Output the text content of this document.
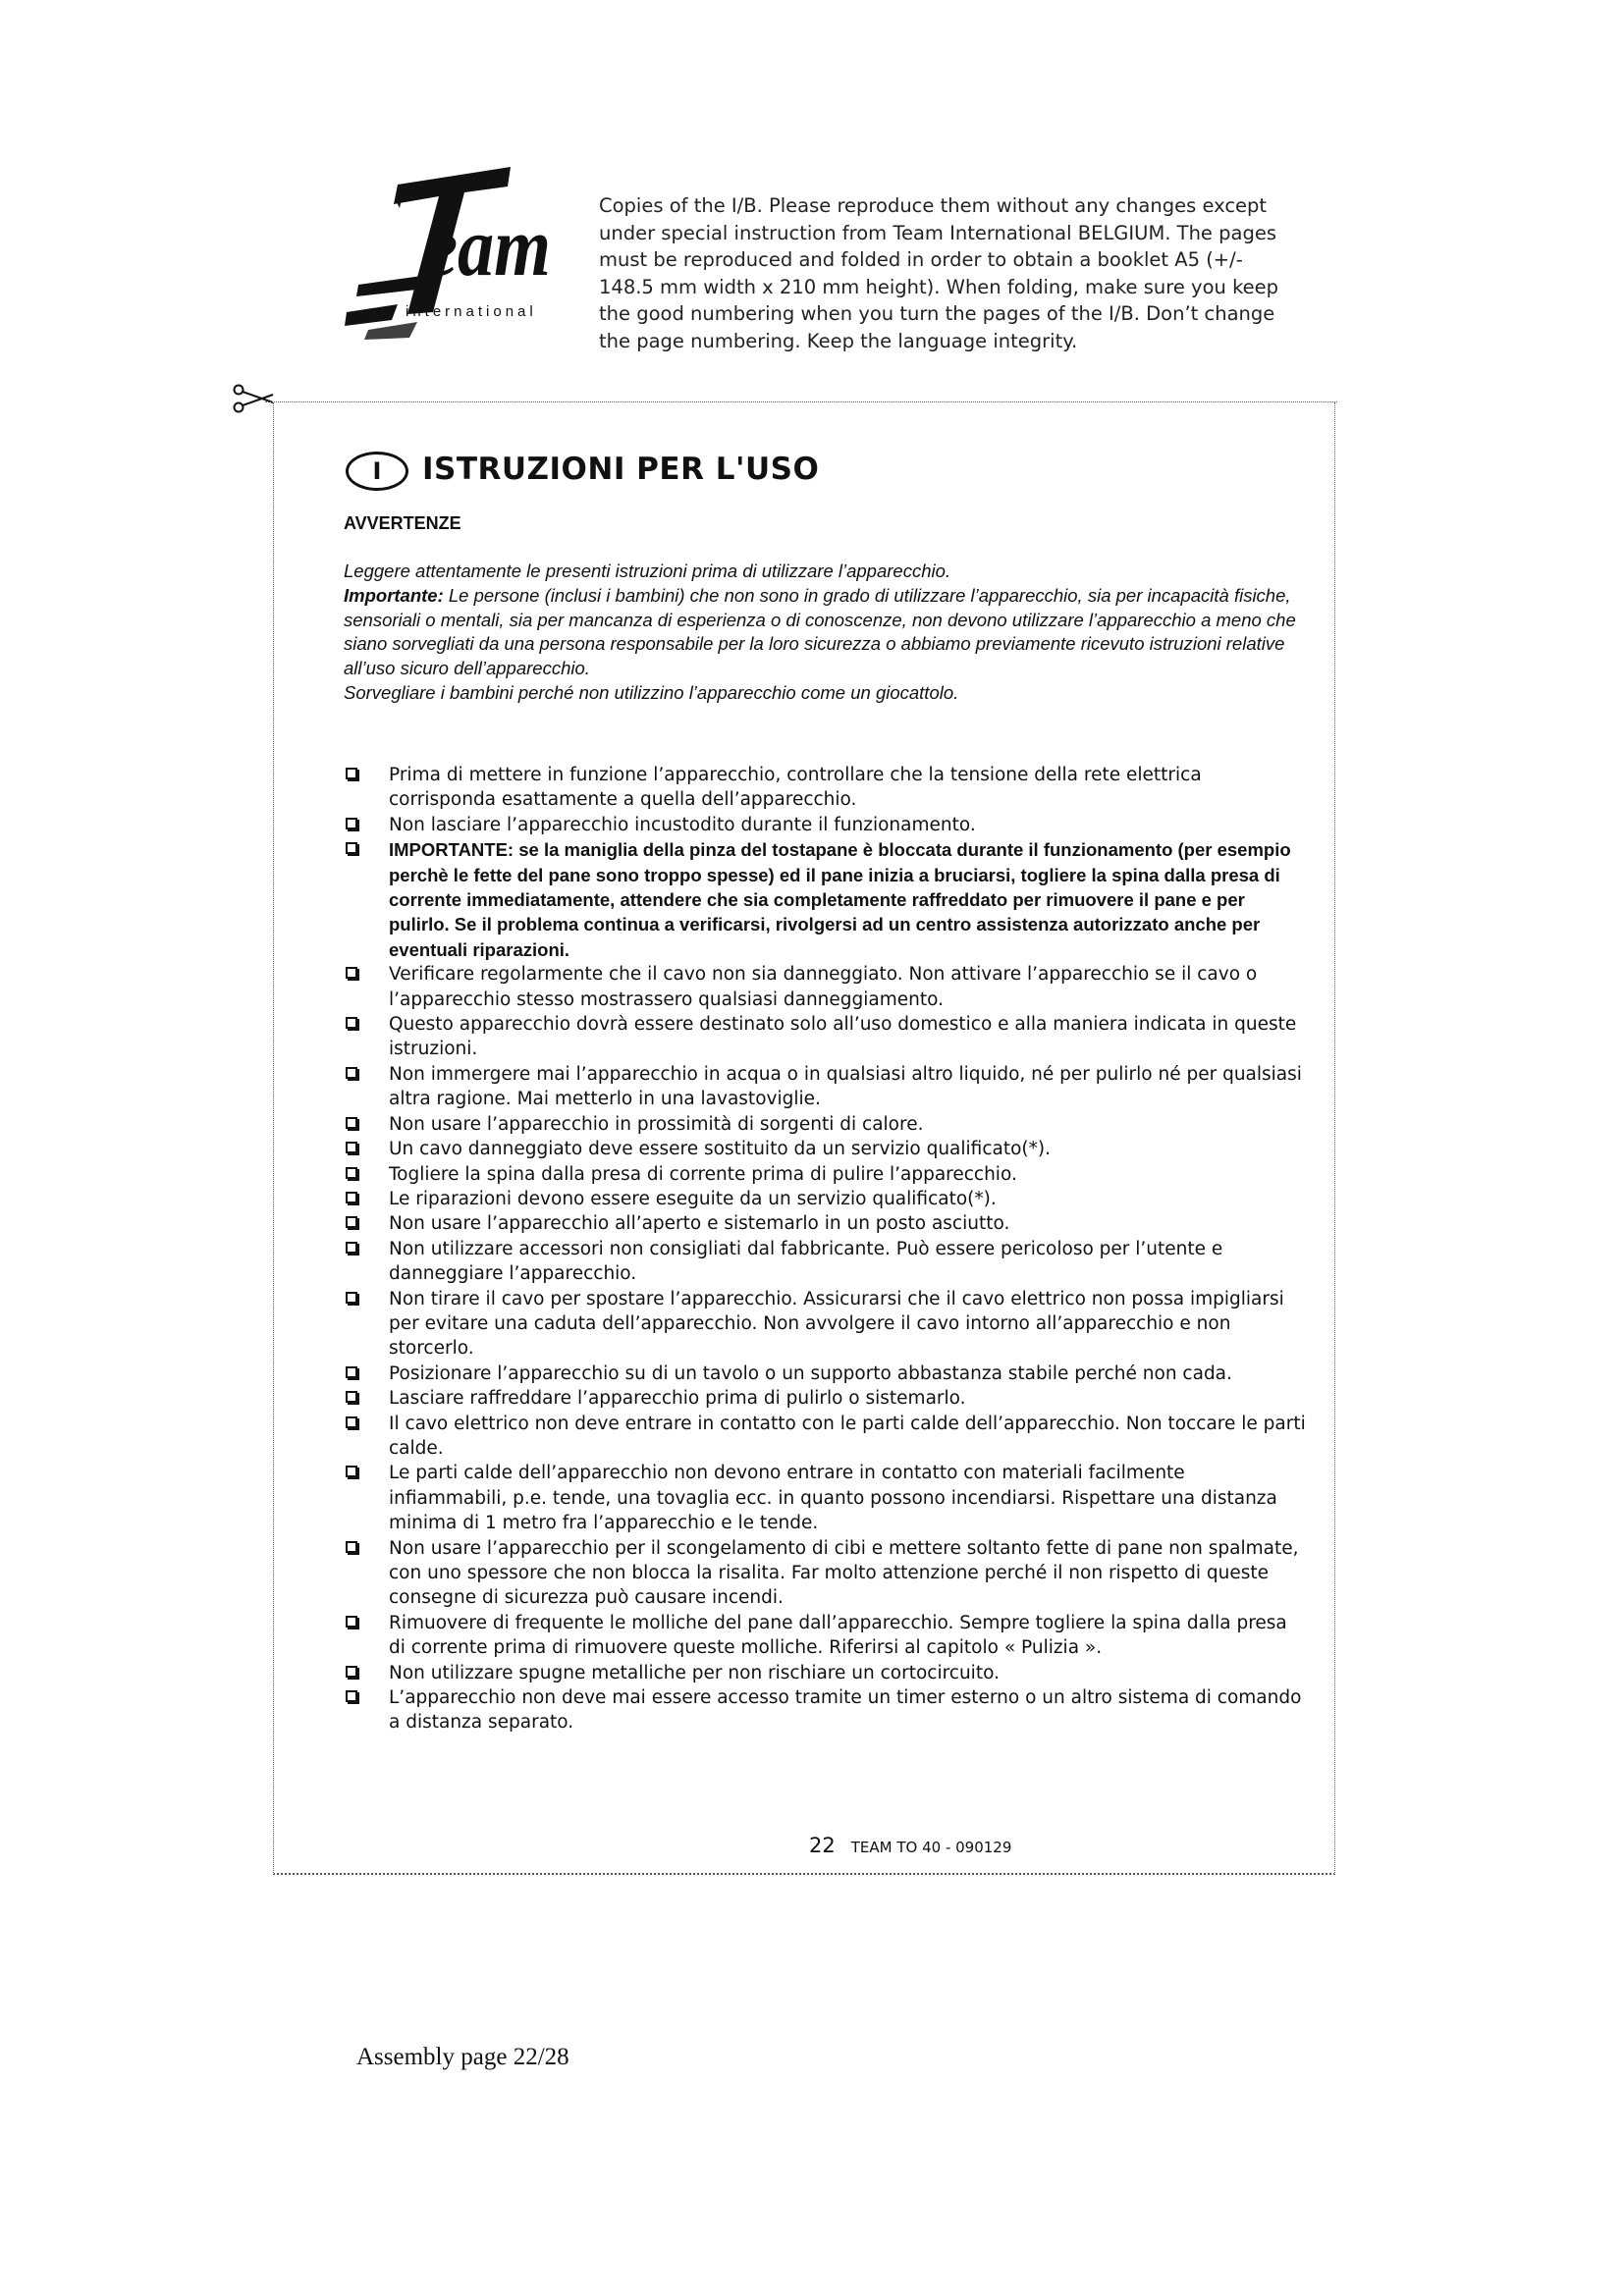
eam
international
Copies of the I/B. Please reproduce them without any changes except under special instruction from Team International BELGIUM. The pages must be reproduced and folded in order to obtain a booklet A5 (+/- 148.5 mm width x 210 mm height). When folding, make sure you keep the good numbering when you turn the pages of the I/B. Don’t change the page numbering. Keep the language integrity.
I	ISTRUZIONI PER L'USO
AVVERTENZE

Leggere attentamente le presenti istruzioni prima di utilizzare l’apparecchio.

Importante: Le persone (inclusi i bambini) che non sono in grado di utilizzare l’apparecchio, sia per incapacità fisiche, sensoriali o mentali, sia per mancanza di esperienza o di conoscenze, non devono utilizzare l’apparecchio a meno che siano sorvegliati da una persona responsabile per la loro sicurezza o abbiamo previamente ricevuto istruzioni relative all’uso sicuro dell’apparecchio.

Sorvegliare i bambini perché non utilizzino l’apparecchio come un giocattolo.

Prima di mettere in funzione l’apparecchio, controllare che la tensione della rete elettrica corrisponda esattamente a quella dell’apparecchio.
Non lasciare l’apparecchio incustodito durante il funzionamento.
IMPORTANTE: se la maniglia della pinza del tostapane è bloccata durante il funzionamento (per esempio perchè le fette del pane sono troppo spesse) ed il pane inizia a bruciarsi, togliere la spina dalla presa di corrente immediatamente, attendere che sia completamente raffreddato per rimuovere il pane e per pulirlo. Se il problema continua a verificarsi, rivolgersi ad un centro assistenza autorizzato anche per eventuali riparazioni.
Verificare regolarmente che il cavo non sia danneggiato. Non attivare l’apparecchio se il cavo o l’apparecchio stesso mostrassero qualsiasi danneggiamento.
Questo apparecchio dovrà essere destinato solo all’uso domestico e alla maniera indicata in queste istruzioni.
Non immergere mai l’apparecchio in acqua o in qualsiasi altro liquido, né per pulirlo né per qualsiasi altra ragione. Mai metterlo in una lavastoviglie.
Non usare l’apparecchio in prossimità di sorgenti di calore.
Un cavo danneggiato deve essere sostituito da un servizio qualificato(*).
Togliere la spina dalla presa di corrente prima di pulire l’apparecchio.
Le riparazioni devono essere eseguite da un servizio qualificato(*).
Non usare l’apparecchio all’aperto e sistemarlo in un posto asciutto.
Non utilizzare accessori non consigliati dal fabbricante. Può essere pericoloso per l’utente e danneggiare l’apparecchio.
Non tirare il cavo per spostare l’apparecchio. Assicurarsi che il cavo elettrico non possa impigliarsi per evitare una caduta dell’apparecchio. Non avvolgere il cavo intorno all’apparecchio e non storcerlo.
Posizionare l’apparecchio su di un tavolo o un supporto abbastanza stabile perché non cada.
Lasciare raffreddare l’apparecchio prima di pulirlo o sistemarlo.
Il cavo elettrico non deve entrare in contatto con le parti calde dell’apparecchio. Non toccare le parti calde.
Le parti calde dell’apparecchio non devono entrare in contatto con materiali facilmente infiammabili, p.e. tende, una tovaglia ecc. in quanto possono incendiarsi. Rispettare una distanza minima di 1 metro fra l’apparecchio e le tende.
Non usare l’apparecchio per il scongelamento di cibi e mettere soltanto fette di pane non spalmate, con uno spessore che non blocca la risalita. Far molto attenzione perché il non rispetto di queste consegne di sicurezza può causare incendi.
Rimuovere di frequente le molliche del pane dall’apparecchio. Sempre togliere la spina dalla presa di corrente prima di rimuovere queste molliche. Riferirsi al capitolo « Pulizia ».
Non utilizzare spugne metalliche per non rischiare un cortocircuito.
L’apparecchio non deve mai essere accesso tramite un timer esterno o un altro sistema di comando a distanza separato.
22 TEAM TO 40 - 090129
Assembly page 22/28
